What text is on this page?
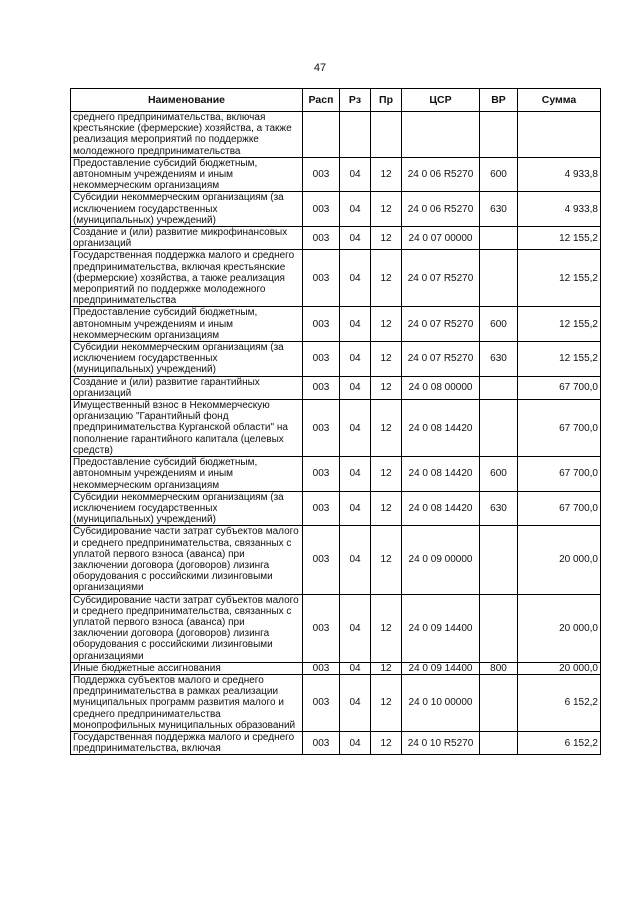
47
Наименование	Расп	Рз	Пр	ЦСР	ВР	Сумма
среднего предпринимательства, включая крестьянские (фермерские) хозяйства, а также реализация мероприятий по поддержке молодежного предпринимательства						
Предоставление субсидий бюджетным, автономным учреждениям и иным некоммерческим организациям	003	04	12	24 0 06 R5270	600	4 933,8
Субсидии некоммерческим организациям (за исключением государственных (муниципальных) учреждений)	003	04	12	24 0 06 R5270	630	4 933,8
Создание и (или) развитие микрофинансовых организаций	003	04	12	24 0 07 00000		12 155,2
Государственная поддержка малого и среднего предпринимательства, включая крестьянские (фермерские) хозяйства, а также реализация мероприятий по поддержке молодежного предпринимательства	003	04	12	24 0 07 R5270		12 155,2
Предоставление субсидий бюджетным, автономным учреждениям и иным некоммерческим организациям	003	04	12	24 0 07 R5270	600	12 155,2
Субсидии некоммерческим организациям (за исключением государственных (муниципальных) учреждений)	003	04	12	24 0 07 R5270	630	12 155,2
Создание и (или) развитие гарантийных организаций	003	04	12	24 0 08 00000		67 700,0
Имущественный взнос в Некоммерческую организацию "Гарантийный фонд предпринимательства Курганской области" на пополнение гарантийного капитала (целевых средств)	003	04	12	24 0 08 14420		67 700,0
Предоставление субсидий бюджетным, автономным учреждениям и иным некоммерческим организациям	003	04	12	24 0 08 14420	600	67 700,0
Субсидии некоммерческим организациям (за исключением государственных (муниципальных) учреждений)	003	04	12	24 0 08 14420	630	67 700,0
Субсидирование части затрат субъектов малого и среднего предпринимательства, связанных с уплатой первого взноса (аванса) при заключении договора (договоров) лизинга оборудования с российскими лизинговыми организациями	003	04	12	24 0 09 00000		20 000,0
Субсидирование части затрат субъектов малого и среднего предпринимательства, связанных с уплатой первого взноса (аванса) при заключении договора (договоров) лизинга оборудования с российскими лизинговыми организациями	003	04	12	24 0 09 14400		20 000,0
Иные бюджетные ассигнования	003	04	12	24 0 09 14400	800	20 000,0
Поддержка субъектов малого и среднего предпринимательства в рамках реализации муниципальных программ развития малого и среднего предпринимательства монопрофильных муниципальных образований	003	04	12	24 0 10 00000		6 152,2
Государственная поддержка малого и среднего предпринимательства, включая	003	04	12	24 0 10 R5270		6 152,2
